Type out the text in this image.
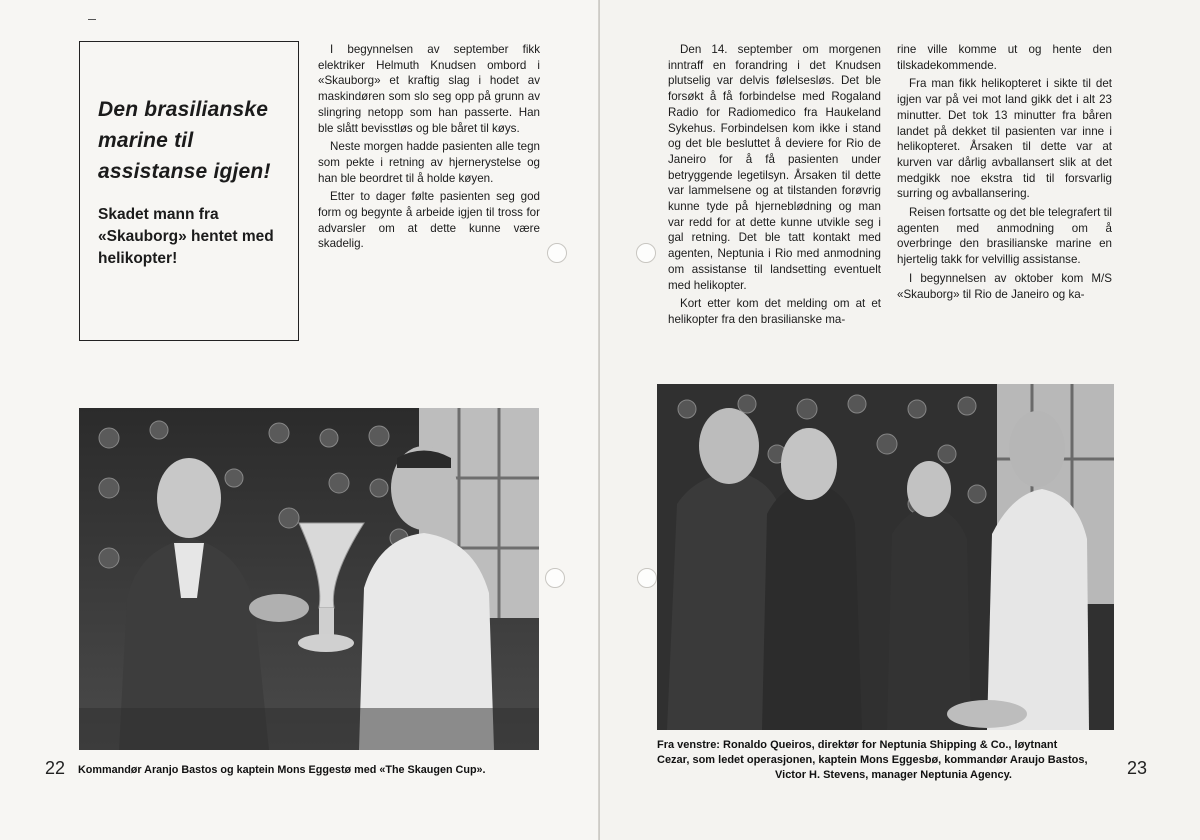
Den brasilianske marine til assistanse igjen!
Skadet mann fra «Skauborg» hentet med helikopter!

I begynnelsen av september fikk elektriker Helmuth Knudsen ombord i «Skauborg» et kraftig slag i hodet av maskindøren som slo seg opp på grunn av slingring netopp som han passerte. Han ble slått bevisstløs og ble båret til køys.

Neste morgen hadde pasienten alle tegn som pekte i retning av hjernerystelse og han ble beordret til å holde køyen.

Etter to dager følte pasienten seg god form og begynte å arbeide igjen til tross for advarsler om at dette kunne være skadelig.

22 Kommandør Aranjo Bastos og kaptein Mons Eggestø med «The Skaugen Cup».

Den 14. september om morgenen inntraff en forandring i det Knudsen plutselig var delvis følelsesløs. Det ble forsøkt å få forbindelse med Rogaland Radio for Radiomedico fra Haukeland Sykehus. Forbindelsen kom ikke i stand og det ble besluttet å deviere for Rio de Janeiro for å få pasienten under betryggende legetilsyn. Årsaken til dette var lammelsene og at tilstanden forøvrig kunne tyde på hjerneblødning og man var redd for at dette kunne utvikle seg i gal retning. Det ble tatt kontakt med agenten, Neptunia i Rio med anmodning om assistanse til landsetting eventuelt med helikopter.

Kort etter kom det melding om at et helikopter fra den brasilianske ma-

rine ville komme ut og hente den tilskadekommende.

Fra man fikk helikopteret i sikte til det igjen var på vei mot land gikk det i alt 23 minutter. Det tok 13 minutter fra båren landet på dekket til pasienten var inne i helikopteret. Årsaken til dette var at kurven var dårlig avballansert slik at det medgikk noe ekstra tid til forsvarlig surring og avballansering.

Reisen fortsatte og det ble telegrafert til agenten med anmodning om å overbringe den brasilianske marine en hjertelig takk for velvillig assistanse.

I begynnelsen av oktober kom M/S «Skauborg» til Rio de Janeiro og ka-

Fra venstre: Ronaldo Queiros, direktør for Neptunia Shipping & Co., løytnant
Cezar, som ledet operasjonen, kaptein Mons Eggesbø, kommandør Araujo Bastos,
Victor H. Stevens, manager Neptunia Agency.	23
